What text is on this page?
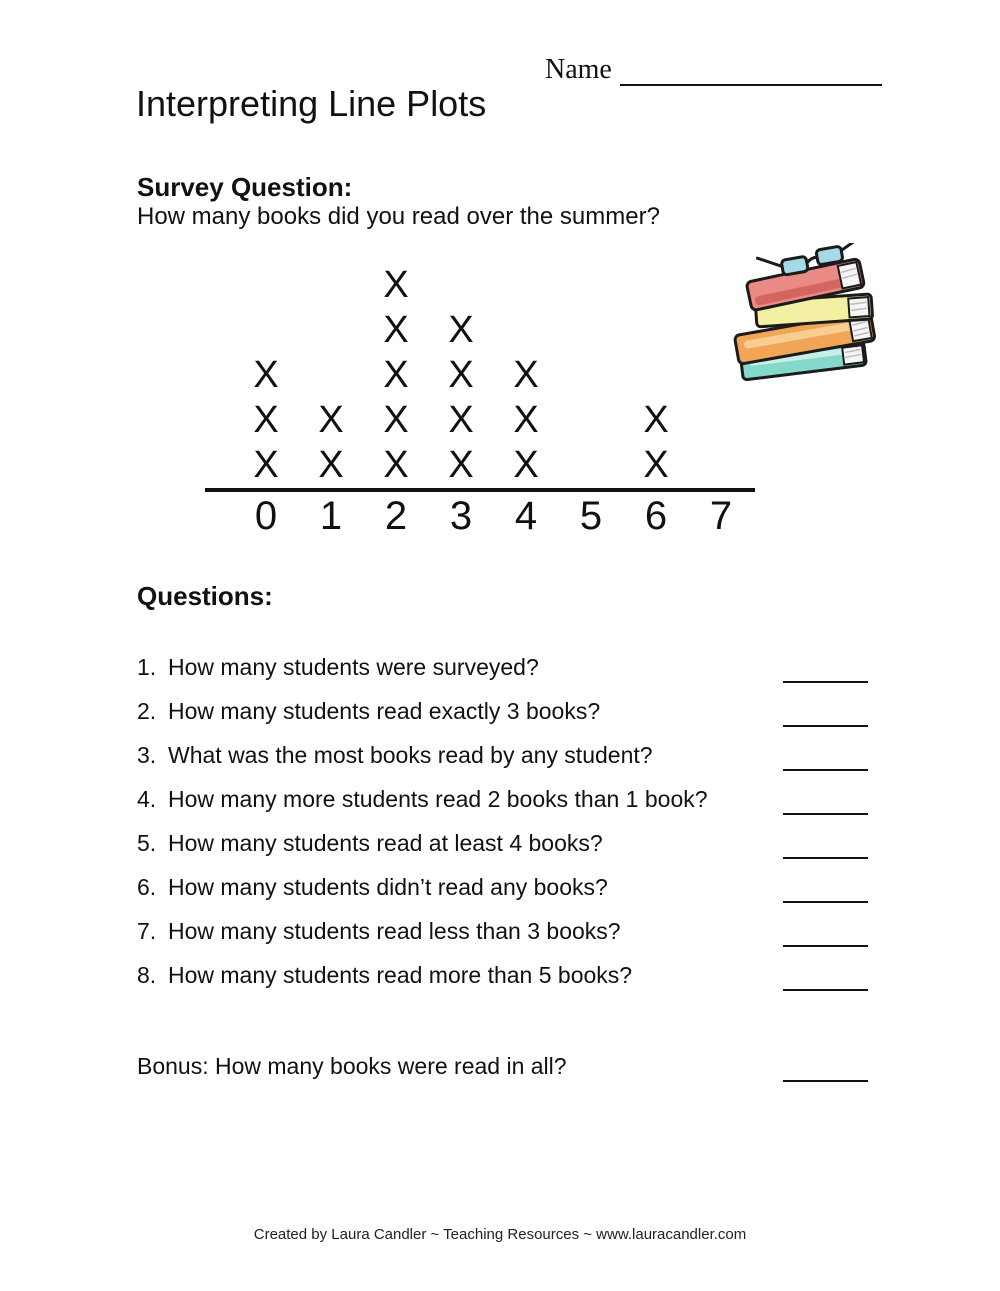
Name
Interpreting Line Plots
Survey Question:
How many books did you read over the summer?
X
X
X
X
X
X
X
X
X
X
X
X
X
X
X
X
X
X
X
0	1	2	3	4	5	6	7
Questions:
1. How many students were surveyed?
2. How many students read exactly 3 books?
3. What was the most books read by any student?
4. How many more students read 2 books than 1 book?
5. How many students read at least 4 books?
6. How many students didn’t read any books?
7. How many students read less than 3 books?
8. How many students read more than 5 books?
Bonus: How many books were read in all?
Created by Laura Candler ~ Teaching Resources ~ www.lauracandler.com
